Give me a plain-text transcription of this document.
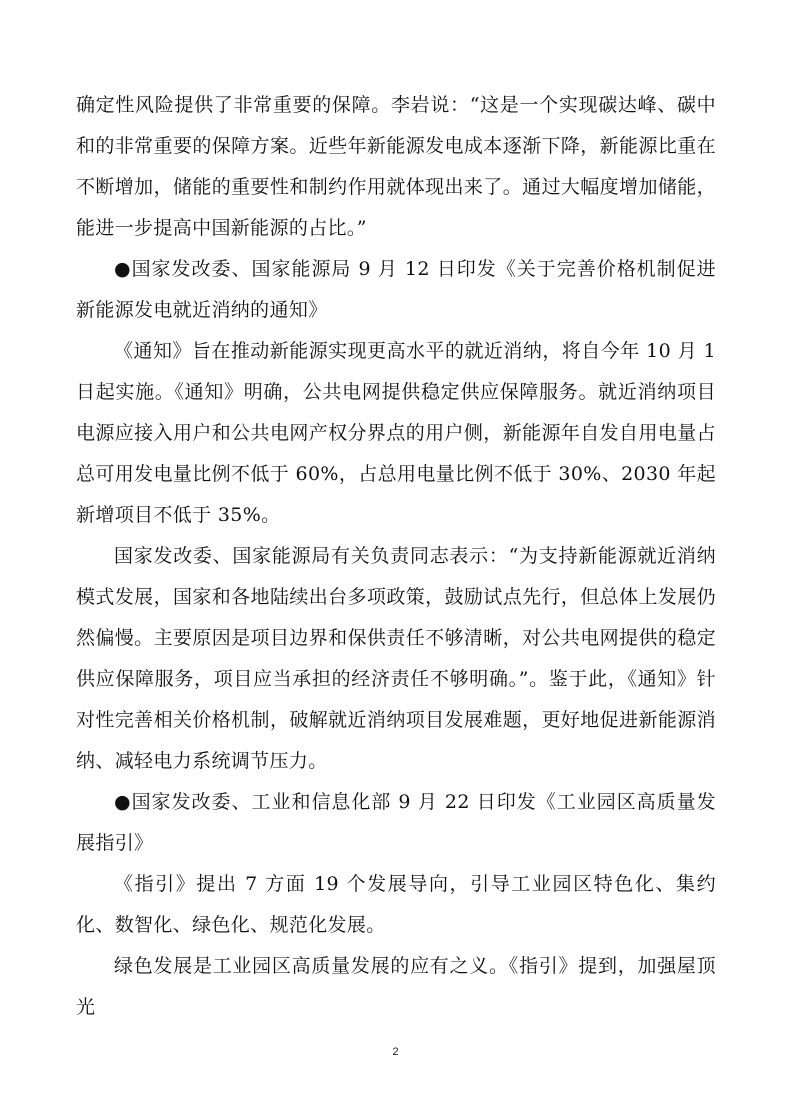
确定性风险提供了非常重要的保障。李岩说：“这是一个实现碳达峰、碳中和的非常重要的保障方案。近些年新能源发电成本逐渐下降，新能源比重在不断增加，储能的重要性和制约作用就体现出来了。通过大幅度增加储能，能进一步提高中国新能源的占比。”

●国家发改委、国家能源局 9 月 12 日印发《关于完善价格机制促进新能源发电就近消纳的通知》

《通知》旨在推动新能源实现更高水平的就近消纳，将自今年 10 月 1 日起实施。《通知》明确，公共电网提供稳定供应保障服务。就近消纳项目电源应接入用户和公共电网产权分界点的用户侧，新能源年自发自用电量占总可用发电量比例不低于 60%，占总用电量比例不低于 30%、2030 年起新增项目不低于 35%。

国家发改委、国家能源局有关负责同志表示：“为支持新能源就近消纳模式发展，国家和各地陆续出台多项政策，鼓励试点先行，但总体上发展仍然偏慢。主要原因是项目边界和保供责任不够清晰，对公共电网提供的稳定供应保障服务，项目应当承担的经济责任不够明确。”。鉴于此，《通知》针对性完善相关价格机制，破解就近消纳项目发展难题，更好地促进新能源消纳、减轻电力系统调节压力。

●国家发改委、工业和信息化部 9 月 22 日印发《工业园区高质量发展指引》

《指引》提出 7 方面 19 个发展导向，引导工业园区特色化、集约化、数智化、绿色化、规范化发展。

绿色发展是工业园区高质量发展的应有之义。《指引》提到，加强屋顶光

2
